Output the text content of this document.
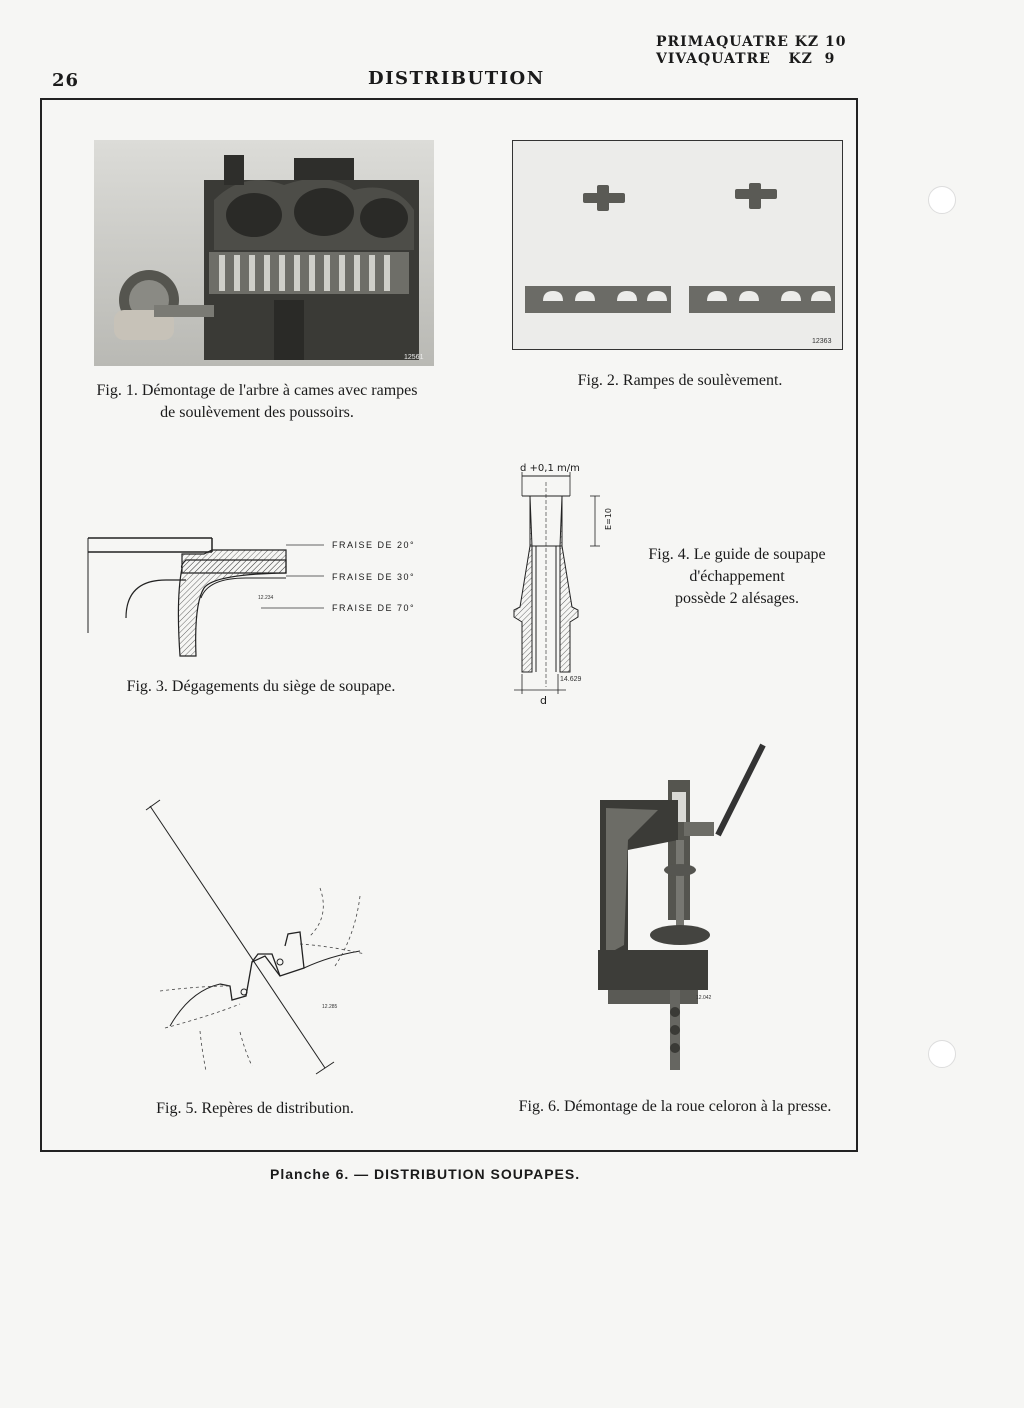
26	DISTRIBUTION
PRIMAQUATRE KZ 10
VIVAQUATRE   KZ  9
12561
Fig. 1. Démontage de l'arbre à cames avec rampes
de soulèvement des poussoirs.
12363
Fig. 2. Rampes de soulèvement.
FRAISE DE 20°
FRAISE DE 30°
FRAISE DE 70°
12.234
Fig. 3. Dégagements du siège de soupape.
d +0,1 m/m
E=10
d
14.629
Fig. 4. Le guide de soupape
d'échappement
possède 2 alésages.
12.285
Fig. 5. Repères de distribution.
12.042
Fig. 6. Démontage de la roue celoron à la presse.
Planche 6. — DISTRIBUTION SOUPAPES.
